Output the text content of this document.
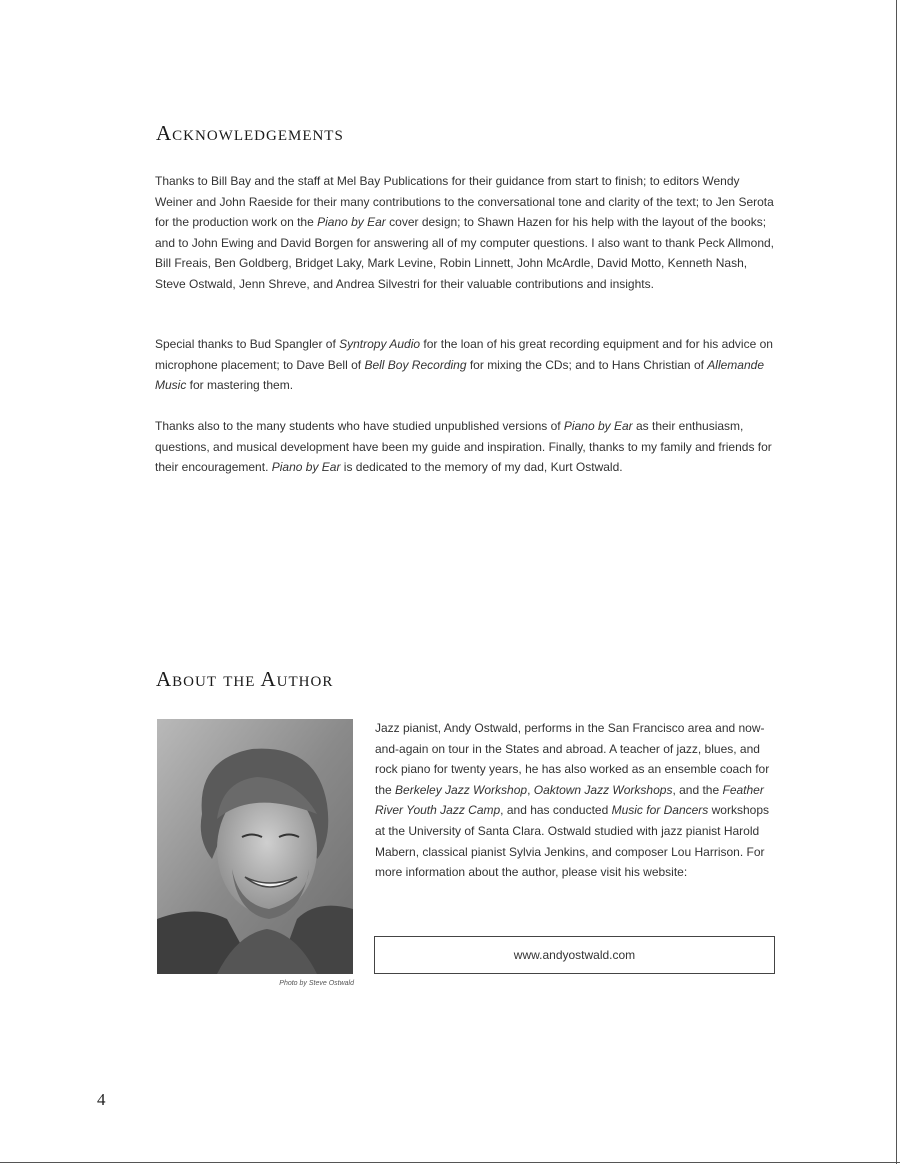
Acknowledgements

Thanks to Bill Bay and the staff at Mel Bay Publications for their guidance from start to finish; to editors Wendy Weiner and John Raeside for their many contributions to the conversational tone and clarity of the text; to Jen Serota for the production work on the Piano by Ear cover design; to Shawn Hazen for his help with the layout of the books; and to John Ewing and David Borgen for answering all of my computer questions. I also want to thank Peck Allmond, Bill Freais, Ben Goldberg, Bridget Laky, Mark Levine, Robin Linnett, John McArdle, David Motto, Kenneth Nash, Steve Ostwald, Jenn Shreve, and Andrea Silvestri for their valuable contributions and insights.

Special thanks to Bud Spangler of Syntropy Audio for the loan of his great recording equipment and for his advice on microphone placement; to Dave Bell of Bell Boy Recording for mixing the CDs; and to Hans Christian of Allemande Music for mastering them.

Thanks also to the many students who have studied unpublished versions of Piano by Ear as their enthusiasm, questions, and musical development have been my guide and inspiration. Finally, thanks to my family and friends for their encouragement. Piano by Ear is dedicated to the memory of my dad, Kurt Ostwald.

About the Author
Photo by Steve Ostwald

Jazz pianist, Andy Ostwald, performs in the San Francisco area and now-and-again on tour in the States and abroad. A teacher of jazz, blues, and rock piano for twenty years, he has also worked as an ensemble coach for the Berkeley Jazz Workshop, Oaktown Jazz Workshops, and the Feather River Youth Jazz Camp, and has conducted Music for Dancers workshops at the University of Santa Clara. Ostwald studied with jazz pianist Harold Mabern, classical pianist Sylvia Jenkins, and composer Lou Harrison. For more information about the author, please visit his website:

www.andyostwald.com
4
